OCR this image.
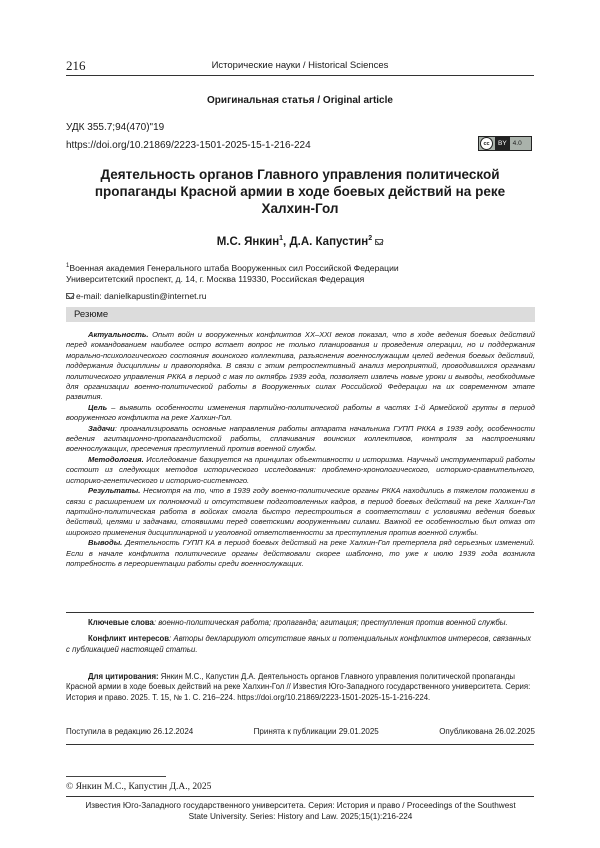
216	Исторические науки / Historical Sciences
Оригинальная статья / Original article
УДК 355.7;94(470)"19
https://doi.org/10.21869/2223-1501-2025-15-1-216-224	cc	BY 4.0
Деятельность органов Главного управления политической пропаганды Красной армии в ходе боевых действий на реке Халхин-Гол
М.С. Янкин$^1$, Д.А. Капустин$^2$
$^1$Военная академия Генерального штаба Вооруженных сил Российской Федерации
Университетский проспект, д. 14, г. Москва 119330, Российская Федерация
e-mail: danielkapustin@internet.ru
Резюме

Актуальность. Опыт войн и вооруженных конфликтов XX–XXI веков показал, что в ходе ведения боевых действий перед командованием наиболее остро встает вопрос не только планирования и проведения операции, но и поддержания морально-психологического состояния воинского коллектива, разъяснения военнослужащим целей ведения боевых действий, поддержания дисциплины и правопорядка. В связи с этим ретроспективный анализ мероприятий, проводившихся органами политического управления РККА в период с мая по октябрь 1939 года, позволяет извлечь новые уроки и выводы, необходимые для организации военно-политической работы в Вооруженных силах Российской Федерации на их современном этапе развития.

Цель – выявить особенности изменения партийно-политической работы в частях 1-й Армейской группы в период вооруженного конфликта на реке Халхин-Гол.

Задачи: проанализировать основные направления работы аппарата начальника ГУПП РККА в 1939 году, особенности ведения агитационно-пропагандистской работы, сплачивания воинских коллективов, контроля за настроениями военнослужащих, пресечения преступлений против военной службы.

Методология. Исследование базируется на принципах объективности и историзма. Научный инструментарий работы состоит из следующих методов исторического исследования: проблемно-хронологического, историко-сравнительного, историко-генетического и историко-системного.

Результаты. Несмотря на то, что в 1939 году военно-политические органы РККА находились в тяжелом положении в связи с расширением их полномочий и отсутствием подготовленных кадров, в период боевых действий на реке Халхин-Гол партийно-политическая работа в войсках смогла быстро перестроиться в соответствии с условиями ведения боевых действий, целями и задачами, стоявшими перед советскими вооруженными силами. Важной ее особенностью был отказ от широкого применения дисциплинарной и уголовной ответственности за преступления против военной службы.

Выводы. Деятельность ГУПП КА в период боевых действий на реке Халхин-Гол претерпела ряд серьезных изменений. Если в начале конфликта политические органы действовали скорее шаблонно, то уже к июлю 1939 года возникла потребность в переориентации работы среди военнослужащих.

Ключевые слова: военно-политическая работа; пропаганда; агитация; преступления против военной службы.

Конфликт интересов: Авторы декларируют отсутствие явных и потенциальных конфликтов интересов, связанных с публикацией настоящей статьи.

Для цитирования: Янкин М.С., Капустин Д.А. Деятельность органов Главного управления политической пропаганды Красной армии в ходе боевых действий на реке Халхин-Гол // Известия Юго-Западного государственного университета. Серия: История и право. 2025. Т. 15, № 1. С. 216–224. https://doi.org/10.21869/2223-1501-2025-15-1-216-224.

Поступила в редакцию 26.12.2024	Принята к публикации 29.01.2025	Опубликована 26.02.2025
© Янкин М.С., Капустин Д.А., 2025
Известия Юго-Западного государственного университета. Серия: История и право / Proceedings of the Southwest
State University. Series: History and Law. 2025;15(1):216-224
